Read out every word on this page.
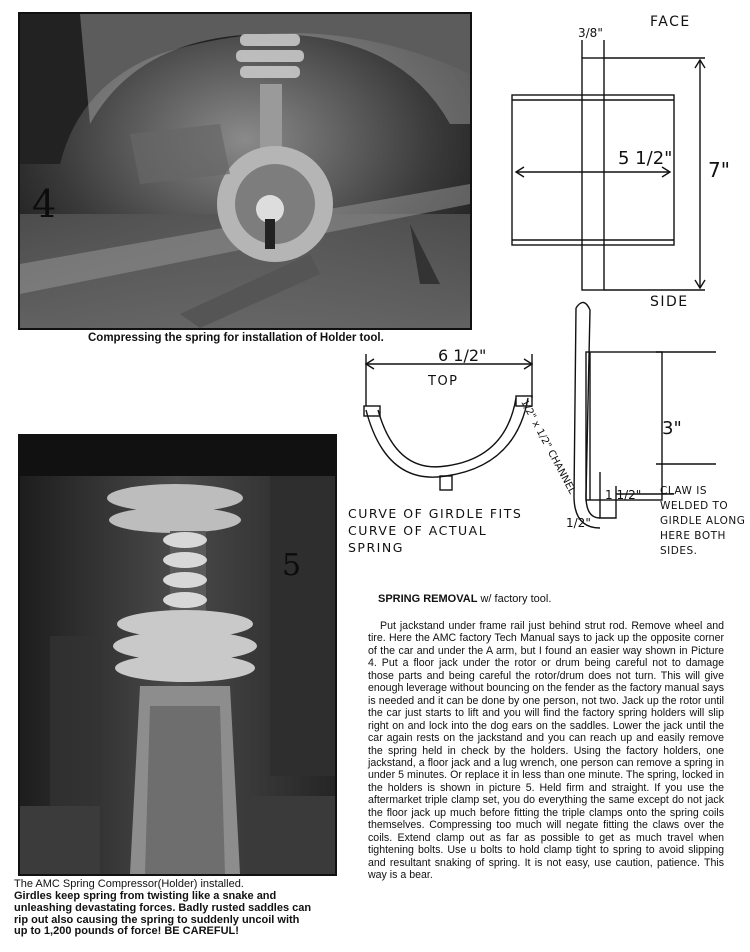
4
Compressing the spring for installation of Holder tool.
5
The AMC Spring Compressor(Holder) installed.
Girdles keep spring from twisting like a snake and unleashing devastating forces. Badly rusted saddles can rip out also causing the spring to suddenly uncoil with up to 1,200 pounds of force! BE CAREFUL!
FACE
3/8"
5 1/2" 7"
SIDE
3"
1 1/2"
1/2"
1/2" x 1/2" CHANNEL	CLAW IS WELDED TO GIRDLE ALONG HERE BOTH SIDES.
6 1/2"
TOP
CURVE OF GIRDLE FITS CURVE OF ACTUAL SPRING
SPRING REMOVAL w/ factory tool.
Put jackstand under frame rail just behind strut rod. Remove wheel and tire. Here the AMC factory Tech Manual says to jack up the opposite corner of the car and under the A arm, but I found an easier way shown in Picture 4. Put a floor jack under the rotor or drum being careful not to damage those parts and being careful the rotor/drum does not turn. This will give enough leverage without bouncing on the fender as the factory manual says is needed and it can be done by one person, not two. Jack up the rotor until the car just starts to lift and you will find the factory spring holders will slip right on and lock into the dog ears on the saddles. Lower the jack until the car again rests on the jackstand and you can reach up and easily remove the spring held in check by the holders. Using the factory holders, one jackstand, a floor jack and a lug wrench, one person can remove a spring in under 5 minutes. Or replace it in less than one minute. The spring, locked in the holders is shown in picture 5. Held firm and straight. If you use the aftermarket triple clamp set, you do everything the same except do not jack the floor jack up much before fitting the triple clamps onto the spring coils themselves. Compressing too much will negate fitting the claws over the coils. Extend clamp out as far as possible to get as much travel when tightening bolts. Use u bolts to hold clamp tight to spring to avoid slipping and resultant snaking of spring. It is not easy, use caution, patience. This way is a bear.
